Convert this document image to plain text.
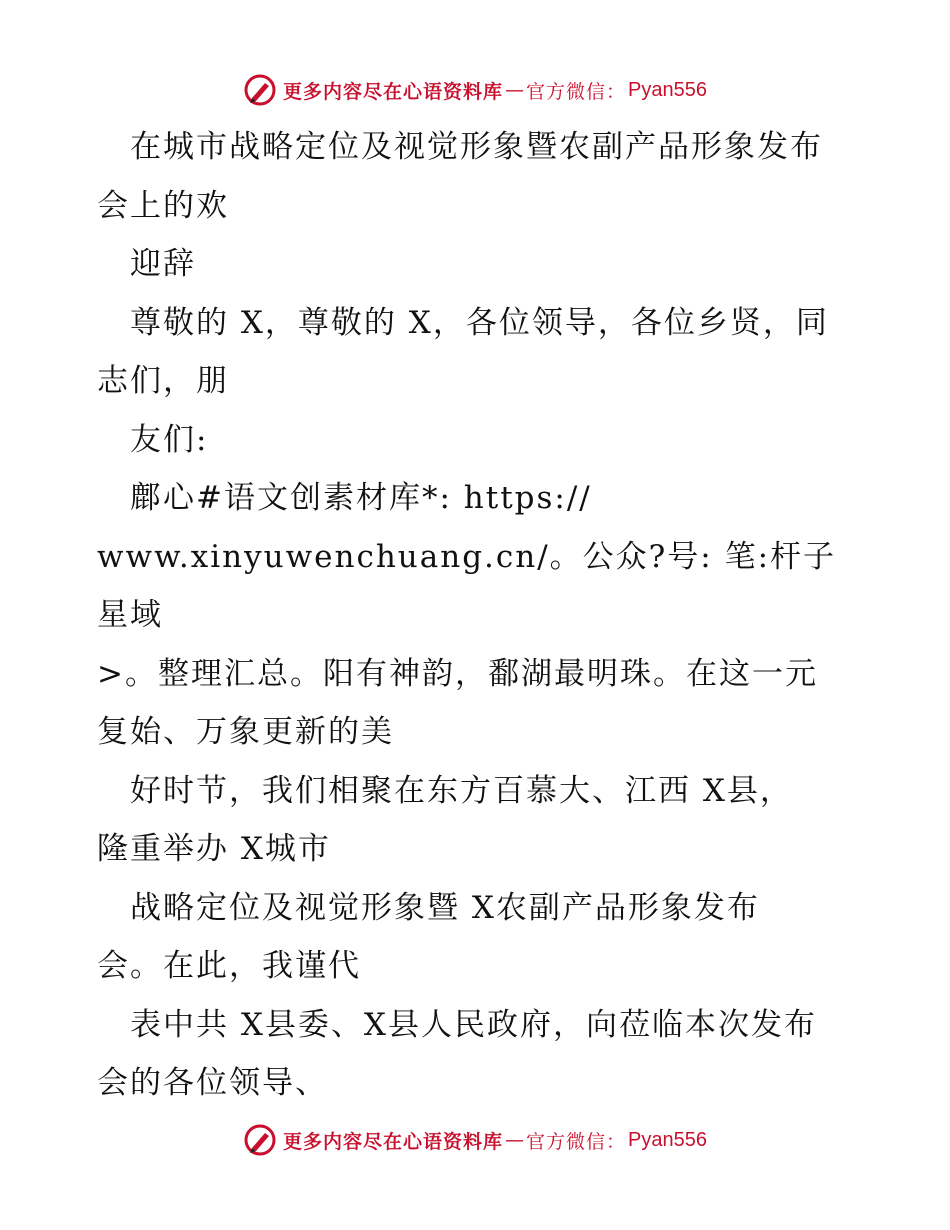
更多内容尽在心语资料库 — 官方微信： Pyan556

　在城市战略定位及视觉形象暨农副产品形象发布

会上的欢

　迎辞

　尊敬的 X，尊敬的 X，各位领导，各位乡贤，同

志们，朋

　友们:

　鄜心#语文创素材库*: https://

www.xinyuwenchuang.cn/。公众?号: 笔:杆子星域

>。整理汇总。阳有神韵，鄱湖最明珠。在这一元

复始、万象更新的美

　好时节，我们相聚在东方百慕大、江西 X县，

隆重举办 X城市

　战略定位及视觉形象暨 X农副产品形象发布

会。在此，我谨代

　表中共 X县委、X县人民政府，向莅临本次发布

会的各位领导、

更多内容尽在心语资料库 — 官方微信： Pyan556
